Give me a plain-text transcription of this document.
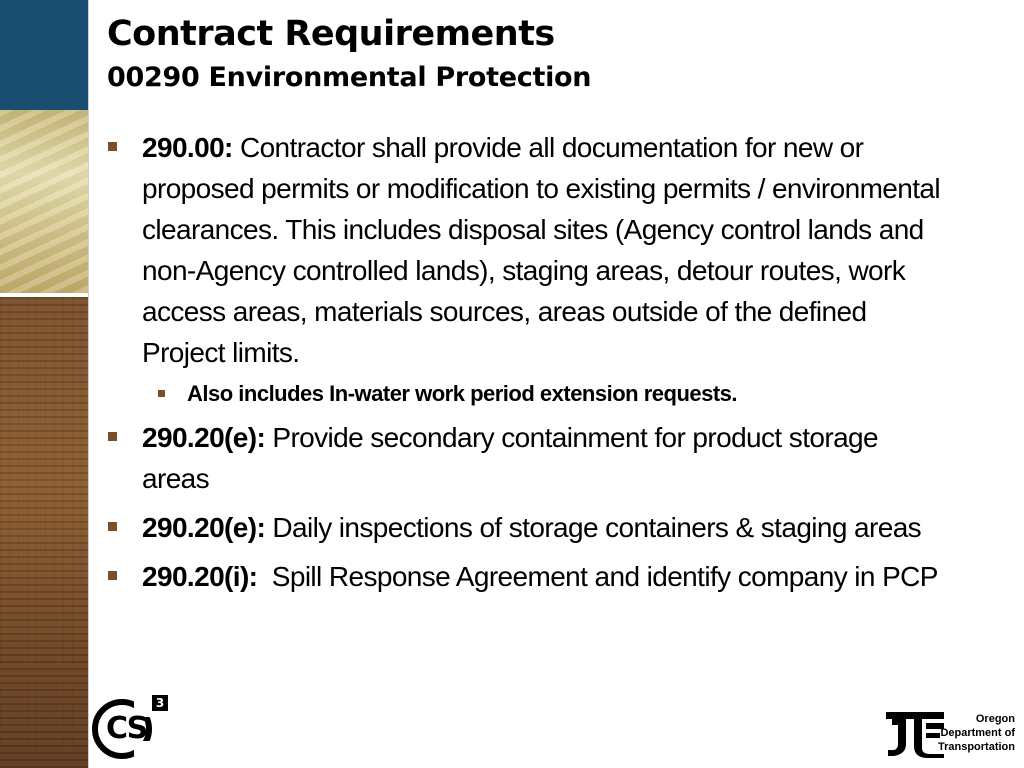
Contract Requirements
00290 Environmental Protection
290.00: Contractor shall provide all documentation for new or proposed permits or modification to existing permits / environmental clearances. This includes disposal sites (Agency control lands and non-Agency controlled lands), staging areas, detour routes, work access areas, materials sources, areas outside of the defined Project limits.
Also includes In-water work period extension requests.
290.20(e): Provide secondary containment for product storage areas
290.20(e): Daily inspections of storage containers & staging areas
290.20(i):  Spill Response Agreement and identify company in PCP
CS
3
Oregon
Department of
Transportation
